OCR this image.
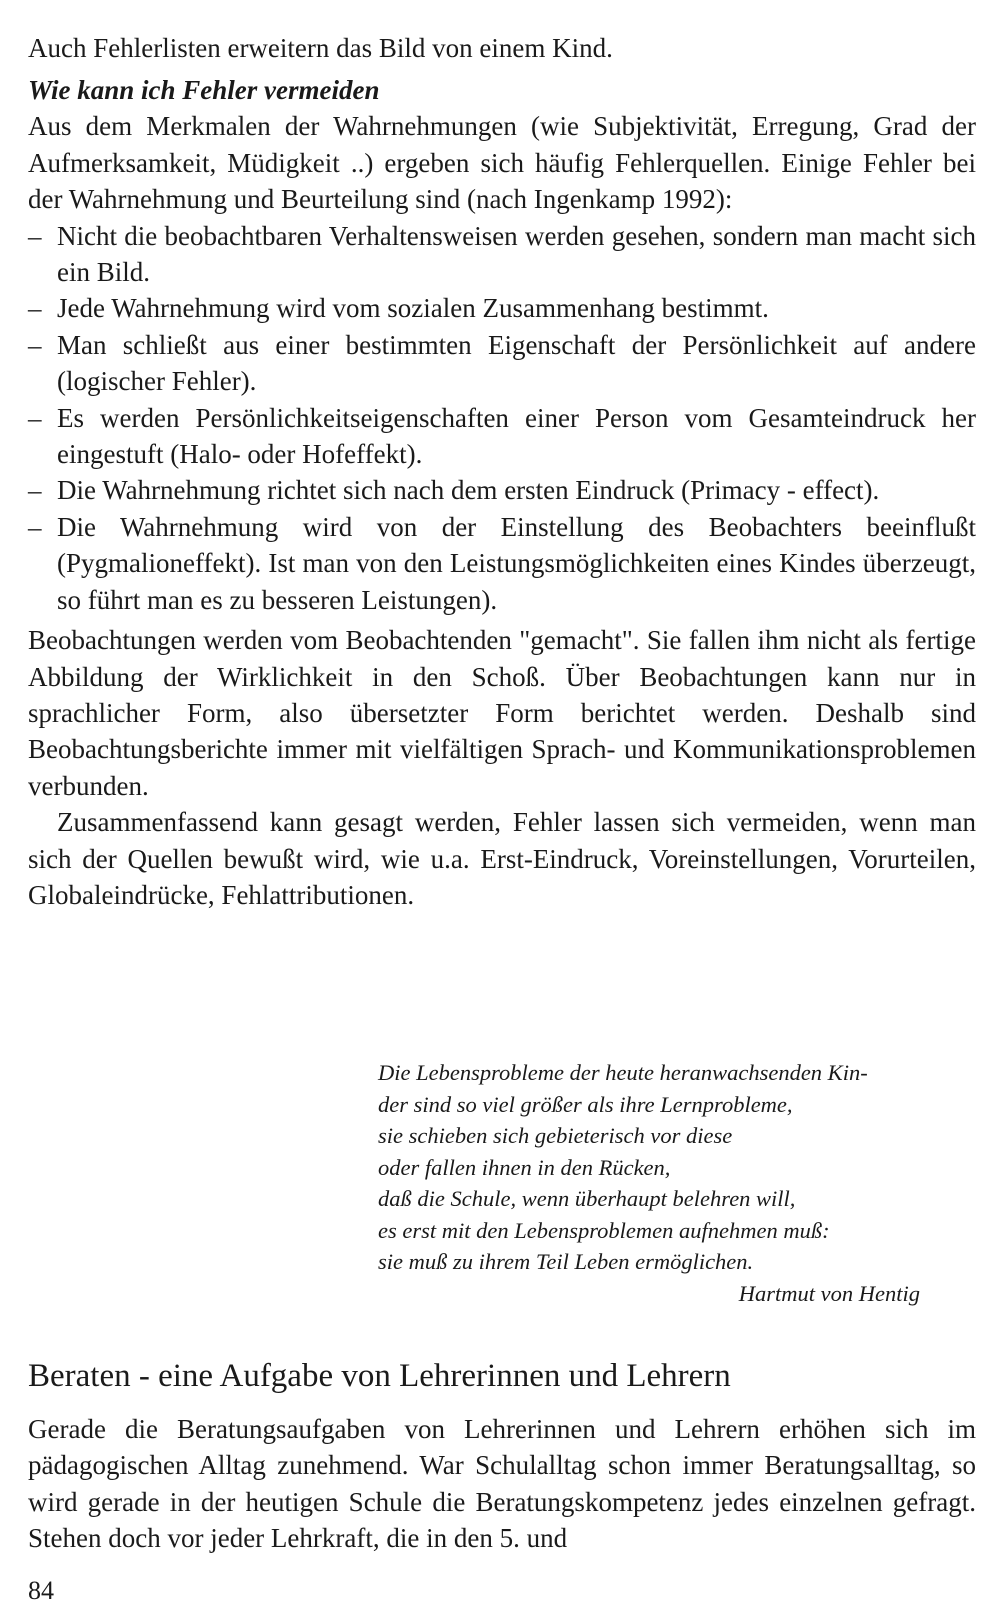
Auch Fehlerlisten erweitern das Bild von einem Kind.

Wie kann ich Fehler vermeiden

Aus dem Merkmalen der Wahrnehmungen (wie Subjektivität, Erregung, Grad der Aufmerksamkeit, Müdigkeit ..) ergeben sich häufig Fehlerquellen. Einige Fehler bei der Wahrnehmung und Beurteilung sind (nach Ingenkamp 1992):

– Nicht die beobachtbaren Verhaltensweisen werden gesehen, sondern man macht sich ein Bild.
– Jede Wahrnehmung wird vom sozialen Zusammenhang bestimmt.
– Man schließt aus einer bestimmten Eigenschaft der Persönlichkeit auf andere (logischer Fehler).
– Es werden Persönlichkeitseigenschaften einer Person vom Gesamteindruck her eingestuft (Halo- oder Hofeffekt).
– Die Wahrnehmung richtet sich nach dem ersten Eindruck (Primacy - effect).
– Die Wahrnehmung wird von der Einstellung des Beobachters beeinflußt (Pygmalioneffekt). Ist man von den Leistungsmöglichkeiten eines Kindes überzeugt, so führt man es zu besseren Leistungen).

Beobachtungen werden vom Beobachtenden "gemacht". Sie fallen ihm nicht als fertige Abbildung der Wirklichkeit in den Schoß. Über Beobachtungen kann nur in sprachlicher Form, also übersetzter Form berichtet werden. Deshalb sind Beobachtungsberichte immer mit vielfältigen Sprach- und Kommunikationsproblemen verbunden.

Zusammenfassend kann gesagt werden, Fehler lassen sich vermeiden, wenn man sich der Quellen bewußt wird, wie u.a. Erst-Eindruck, Voreinstellungen, Vorurteilen, Globaleindrücke, Fehlattributionen.

Die Lebensprobleme der heute heranwachsenden Kin-

der sind so viel größer als ihre Lernprobleme,

sie schieben sich gebieterisch vor diese

oder fallen ihnen in den Rücken,

daß die Schule, wenn überhaupt belehren will,

es erst mit den Lebensproblemen aufnehmen muß:

sie muß zu ihrem Teil Leben ermöglichen.

Hartmut von Hentig

Beraten - eine Aufgabe von Lehrerinnen und Lehrern

Gerade die Beratungsaufgaben von Lehrerinnen und Lehrern erhöhen sich im pädagogischen Alltag zunehmend. War Schulalltag schon immer Beratungsalltag, so wird gerade in der heutigen Schule die Beratungskompetenz jedes einzelnen gefragt. Stehen doch vor jeder Lehrkraft, die in den 5. und

84
